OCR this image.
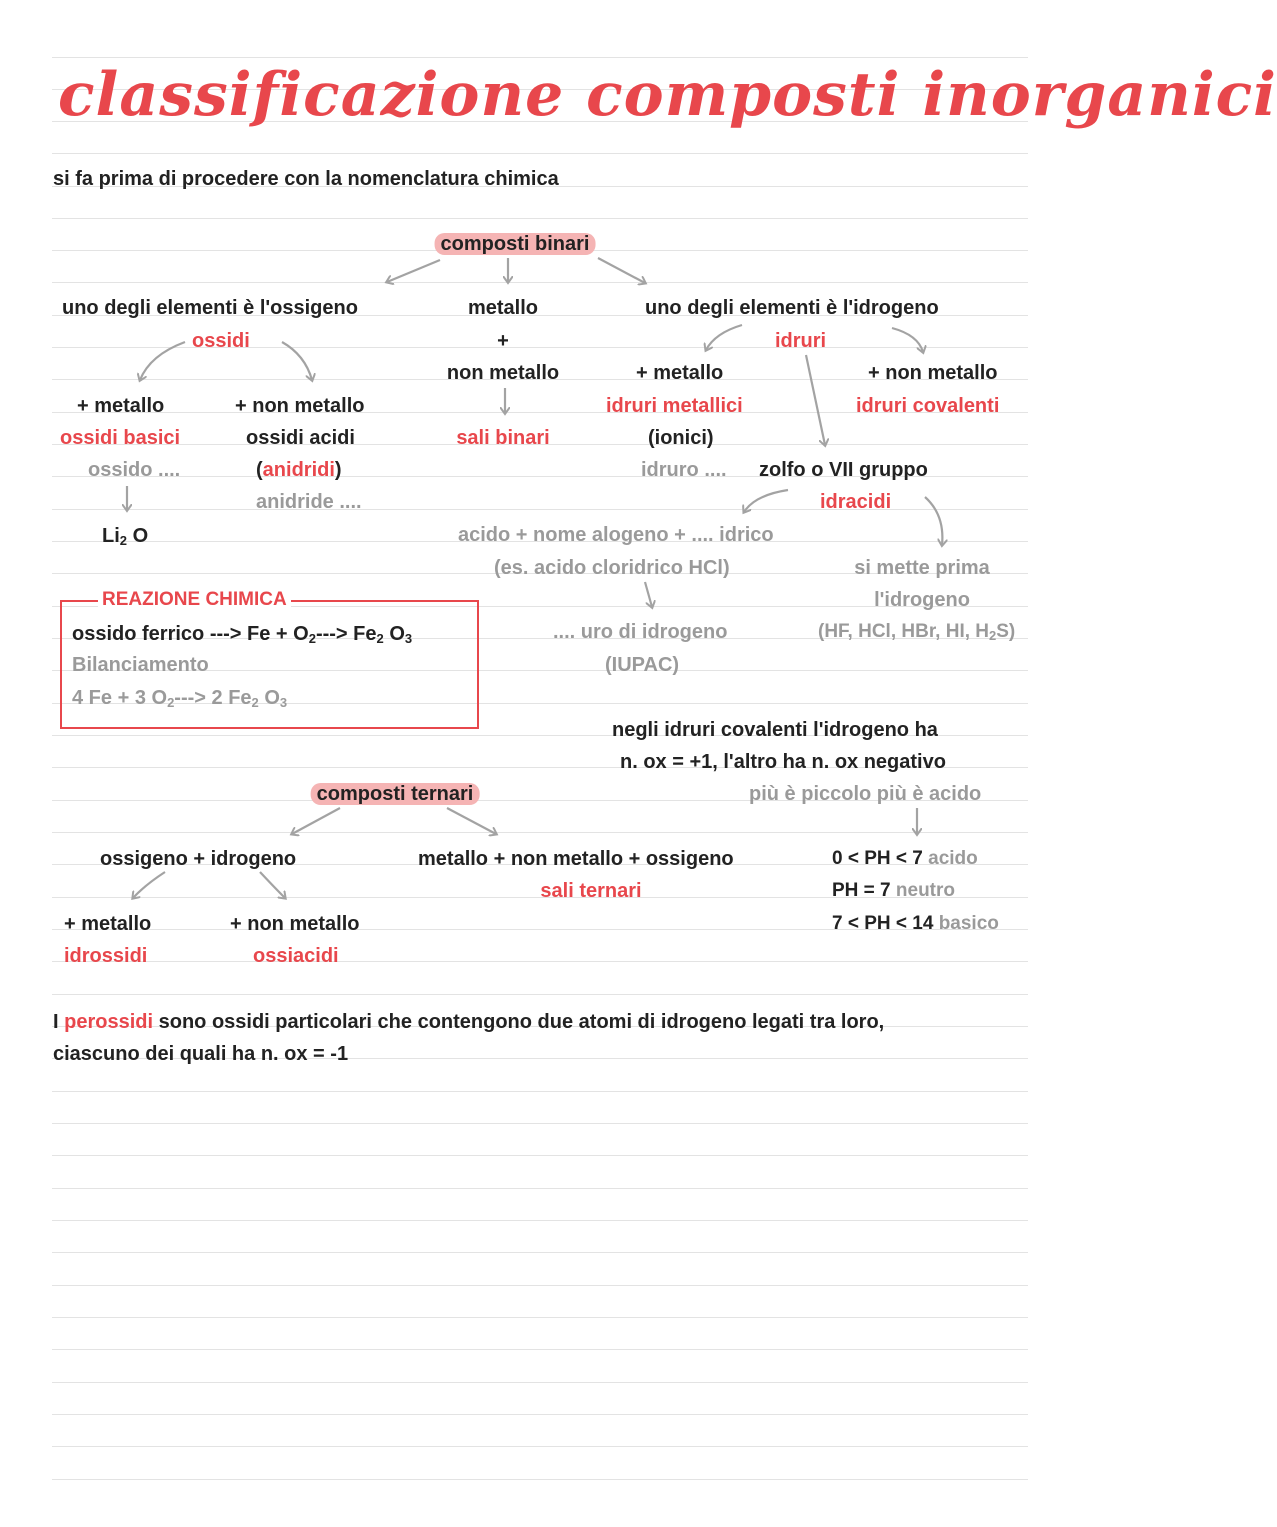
classificazione composti inorganici
si fa prima di procedere con la nomenclatura chimica
composti binari
uno degli elementi è l'ossigeno
ossidi
+ metallo	+ non metallo
ossidi basici	ossidi acidi
ossido ....	(anidridi)
anidride ....
$Li_2$ O
metallo
+
non metallo
sali binari
uno degli elementi è l'idrogeno
idruri
+ metallo	+ non metallo
idruri metallici	idruri covalenti
(ionici)
idruro .... zolfo o VII gruppo
idracidi
acido + nome alogeno + .... idrico
(es. acido cloridrico HCl)	si mette prima
l'idrogeno
.... uro di idrogeno
(IUPAC)
(HF, HCl, HBr, HI, $H_2S$)
REAZIONE CHIMICA
ossido ferrico ---> $Fe + O_2---> Fe_2$ $O_3$
Bilanciamento
4 Fe + 3 $O_2---> 2$ $Fe_2$ $O_3$
negli idruri covalenti l'idrogeno ha
n. ox = +1, l'altro ha n. ox negativo
più è piccolo più è acido
0 < PH < 7 acido
PH = 7 neutro
7 < PH < 14 basico
composti ternari
ossigeno + idrogeno
+ metallo	+ non metallo
idrossidi	ossiacidi
metallo + non metallo + ossigeno
sali ternari
I perossidi sono ossidi particolari che contengono due atomi di idrogeno legati tra loro,
ciascuno dei quali ha n. ox = -1
